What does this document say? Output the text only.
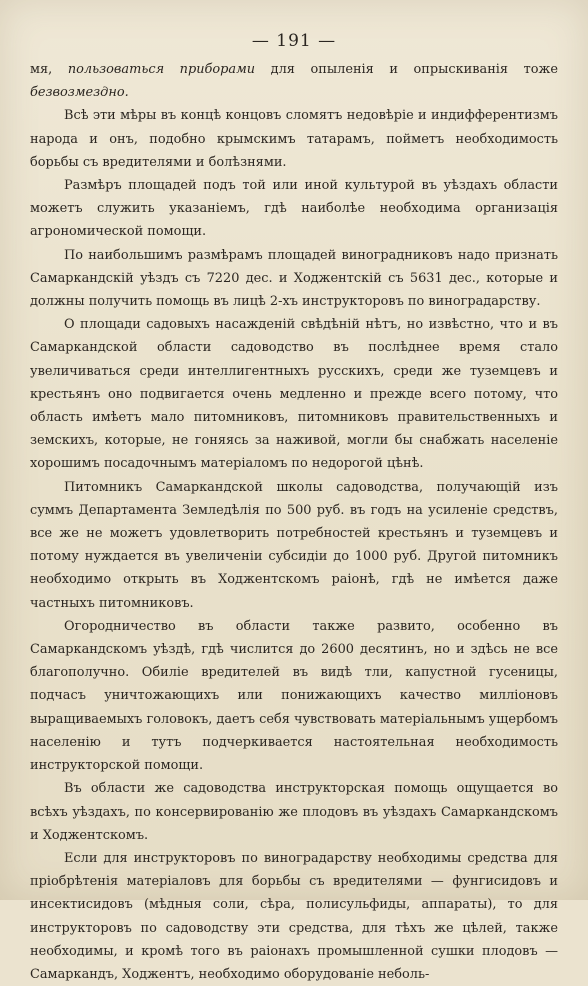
— 191 —

мя, пользоваться приборами для опыленія и опрыскиванія тоже безвозмездно.

Всѣ эти мѣры въ концѣ концовъ сломятъ недовѣріе и индифферентизмъ народа и онъ, подобно крымскимъ татарамъ, пойметъ необходимость борьбы съ вредителями и болѣзнями.

Размѣръ площадей подъ той или иной культурой въ уѣздахъ области можетъ служить указаніемъ, гдѣ наиболѣе необходима организація агрономической помощи.

По наибольшимъ размѣрамъ площадей виноградниковъ надо признать Самаркандскій уѣздъ съ 7220 дес. и Ходжентскій съ 5631 дес., которые и должны получить помощь въ лицѣ 2-хъ инструкторовъ по виноградарству.

О площади садовыхъ насажденій свѣдѣній нѣтъ, но извѣстно, что и въ Самаркандской области садоводство въ послѣднее время стало увеличиваться среди интеллигентныхъ русскихъ, среди же туземцевъ и крестьянъ оно подвигается очень медленно и прежде всего потому, что область имѣетъ мало питомниковъ, питомниковъ правительственныхъ и земскихъ, которые, не гоняясь за наживой, могли бы снабжать населеніе хорошимъ посадочнымъ матеріаломъ по недорогой цѣнѣ.

Питомникъ Самаркандской школы садоводства, получающій изъ суммъ Департамента Земледѣлія по 500 руб. въ годъ на усиленіе средствъ, все же не можетъ удовлетворить потребностей крестьянъ и туземцевъ и потому нуждается въ увеличеніи субсидіи до 1000 руб. Другой питомникъ необходимо открыть въ Ходжентскомъ раіонѣ, гдѣ не имѣется даже частныхъ питомниковъ.

Огородничество въ области также развито, особенно въ Самаркандскомъ уѣздѣ, гдѣ числится до 2600 десятинъ, но и здѣсь не все благополучно. Обиліе вредителей въ видѣ тли, капустной гусеницы, подчасъ уничтожающихъ или понижающихъ качество милліоновъ выращиваемыхъ головокъ, даетъ себя чувствовать матеріальнымъ ущербомъ населенію и тутъ подчеркивается настоятельная необходимость инструкторской помощи.

Въ области же садоводства инструкторская помощь ощущается во всѣхъ уѣздахъ, по консервированію же плодовъ въ уѣздахъ Самаркандскомъ и Ходжентскомъ.

Если для инструкторовъ по виноградарству необходимы средства для пріобрѣтенія матеріаловъ для борьбы съ вредителями — фунгисидовъ и инсектисидовъ (мѣдныя соли, сѣра, полисульфиды, аппараты), то для инструкторовъ по садоводству эти средства, для тѣхъ же цѣлей, также необходимы, и кромѣ того въ раіонахъ промышленной сушки плодовъ — Самаркандъ, Ходжентъ, необходимо оборудованіе неболь-
